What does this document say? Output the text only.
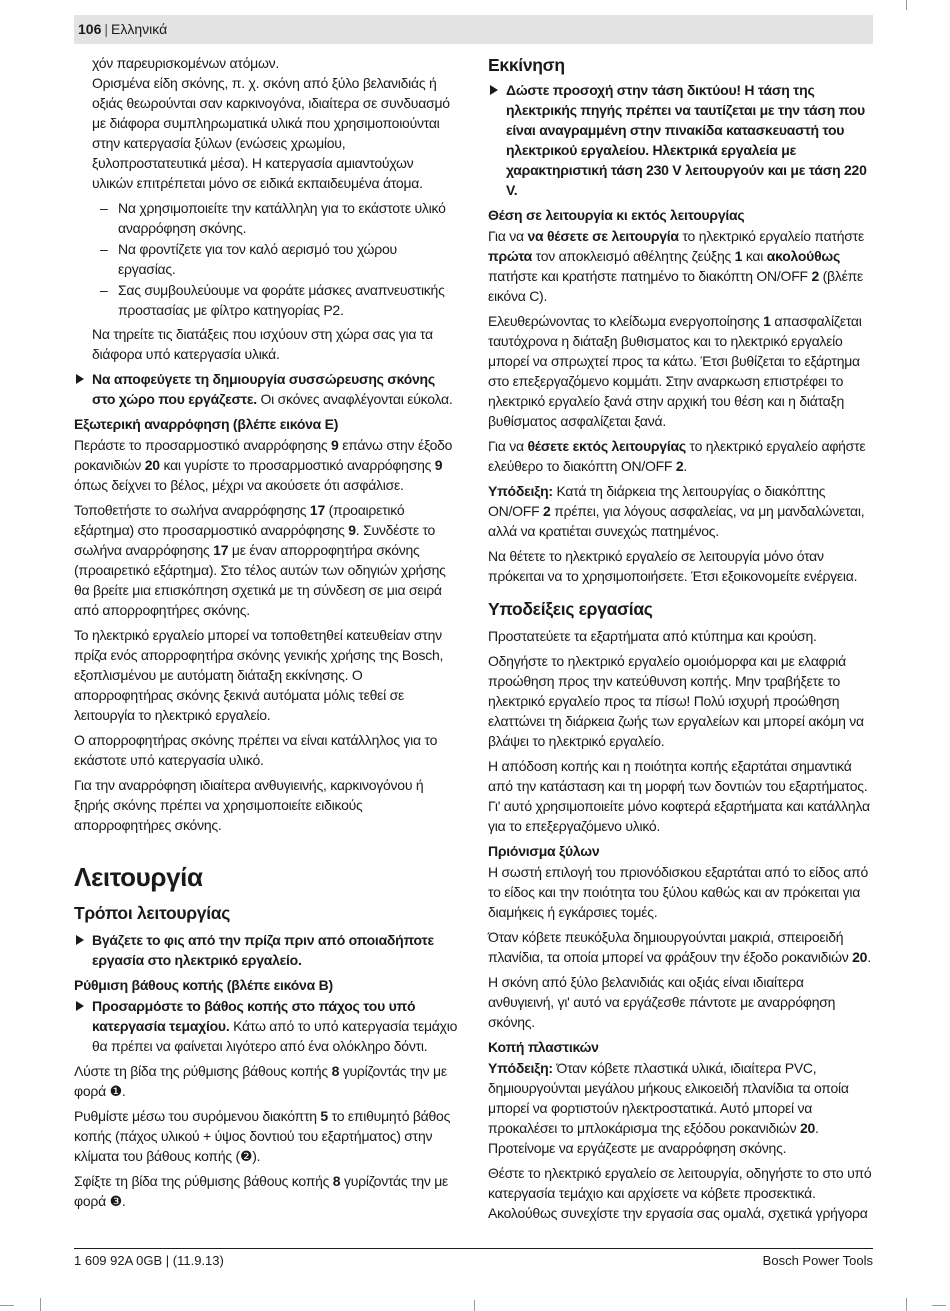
106 | Ελληνικά

χόν παρευρισκομένων ατόμων.

Ορισμένα είδη σκόνης, π. χ. σκόνη από ξύλο βελανιδιάς ή οξιάς θεωρούνται σαν καρκινογόνα, ιδιαίτερα σε συνδυασμό με διάφορα συμπληρωματικά υλικά που χρησιμοποιούνται στην κατεργασία ξύλων (ενώσεις χρωμίου, ξυλοπροστατευτικά μέσα). Η κατεργασία αμιαντούχων υλικών επιτρέπεται μόνο σε ειδικά εκπαιδευμένα άτομα.

– Να χρησιμοποιείτε την κατάλληλη για το εκάστοτε υλικό αναρρόφηση σκόνης.
– Να φροντίζετε για τον καλό αερισμό του χώρου εργασίας.
– Σας συμβουλεύουμε να φοράτε μάσκες αναπνευστικής προστασίας με φίλτρο κατηγορίας P2.

Να τηρείτε τις διατάξεις που ισχύουν στη χώρα σας για τα διάφορα υπό κατεργασία υλικά.

Να αποφεύγετε τη δημιουργία συσσώρευσης σκόνης στο χώρο που εργάζεστε. Οι σκόνες αναφλέγονται εύκολα.
Εξωτερική αναρρόφηση (βλέπε εικόνα E)

Περάστε το προσαρμοστικό αναρρόφησης 9 επάνω στην έξοδο ροκανιδιών 20 και γυρίστε το προσαρμοστικό αναρρόφησης 9 όπως δείχνει το βέλος, μέχρι να ακούσετε ότι ασφάλισε.

Τοποθετήστε το σωλήνα αναρρόφησης 17 (προαιρετικό εξάρτημα) στο προσαρμοστικό αναρρόφησης 9. Συνδέστε το σωλήνα αναρρόφησης 17 με έναν απορροφητήρα σκόνης (προαιρετικό εξάρτημα). Στο τέλος αυτών των οδηγιών χρήσης θα βρείτε μια επισκόπηση σχετικά με τη σύνδεση σε μια σειρά από απορροφητήρες σκόνης.

Το ηλεκτρικό εργαλείο μπορεί να τοποθετηθεί κατευθείαν στην πρίζα ενός απορροφητήρα σκόνης γενικής χρήσης της Bosch, εξοπλισμένου με αυτόματη διάταξη εκκίνησης. Ο απορροφητήρας σκόνης ξεκινά αυτόματα μόλις τεθεί σε λειτουργία το ηλεκτρικό εργαλείο.

Ο απορροφητήρας σκόνης πρέπει να είναι κατάλληλος για το εκάστοτε υπό κατεργασία υλικό.

Για την αναρρόφηση ιδιαίτερα ανθυγιεινής, καρκινογόνου ή ξηρής σκόνης πρέπει να χρησιμοποιείτε ειδικούς απορροφητήρες σκόνης.

Λειτουργία
Τρόποι λειτουργίας
Βγάζετε το φις από την πρίζα πριν από οποιαδήποτε εργασία στο ηλεκτρικό εργαλείο.
Ρύθμιση βάθους κοπής (βλέπε εικόνα B)
Προσαρμόστε το βάθος κοπής στο πάχος του υπό κατεργασία τεμαχίου. Κάτω από το υπό κατεργασία τεμάχιο θα πρέπει να φαίνεται λιγότερο από ένα ολόκληρο δόντι.

Λύστε τη βίδα της ρύθμισης βάθους κοπής 8 γυρίζοντάς την με φορά ❶.

Ρυθμίστε μέσω του συρόμενου διακόπτη 5 το επιθυμητό βάθος κοπής (πάχος υλικού + ύψος δοντιού του εξαρτήματος) στην κλίματα του βάθους κοπής (❷).

Σφίξτε τη βίδα της ρύθμισης βάθους κοπής 8 γυρίζοντάς την με φορά ❸.

Εκκίνηση
Δώστε προσοχή στην τάση δικτύου! Η τάση της ηλεκτρικής πηγής πρέπει να ταυτίζεται με την τάση που είναι αναγραμμένη στην πινακίδα κατασκευαστή του ηλεκτρικού εργαλείου. Ηλεκτρικά εργαλεία με χαρακτηριστική τάση 230 V λειτουργούν και με τάση 220 V.
Θέση σε λειτουργία κι εκτός λειτουργίας

Για να να θέσετε σε λειτουργία το ηλεκτρικό εργαλείο πατήστε πρώτα τον αποκλεισμό αθέλητης ζεύξης 1 και ακολούθως πατήστε και κρατήστε πατημένο το διακόπτη ON/OFF 2 (βλέπε εικόνα C).

Ελευθερώνοντας το κλείδωμα ενεργοποίησης 1 απασφαλίζεται ταυτόχρονα η διάταξη βυθισματος και το ηλεκτρικό εργαλείο μπορεί να σπρωχτεί προς τα κάτω. Έτσι βυθίζεται το εξάρτημα στο επεξεργαζόμενο κομμάτι. Στην αναρκωση επιστρέφει το ηλεκτρικό εργαλείο ξανά στην αρχική του θέση και η διάταξη βυθίσματος ασφαλίζεται ξανά.

Για να θέσετε εκτός λειτουργίας το ηλεκτρικό εργαλείο αφήστε ελεύθερο το διακόπτη ON/OFF 2.

Υπόδειξη: Κατά τη διάρκεια της λειτουργίας ο διακόπτης ON/OFF 2 πρέπει, για λόγους ασφαλείας, να μη μανδαλώνεται, αλλά να κρατιέται συνεχώς πατημένος.

Να θέτετε το ηλεκτρικό εργαλείο σε λειτουργία μόνο όταν πρόκειται να το χρησιμοποιήσετε. Έτσι εξοικονομείτε ενέργεια.

Υποδείξεις εργασίας

Προστατεύετε τα εξαρτήματα από κτύπημα και κρούση.

Οδηγήστε το ηλεκτρικό εργαλείο ομοιόμορφα και με ελαφριά προώθηση προς την κατεύθυνση κοπής. Μην τραβήξετε το ηλεκτρικό εργαλείο προς τα πίσω! Πολύ ισχυρή προώθηση ελαττώνει τη διάρκεια ζωής των εργαλείων και μπορεί ακόμη να βλάψει το ηλεκτρικό εργαλείο.

Η απόδοση κοπής και η ποιότητα κοπής εξαρτάται σημαντικά από την κατάσταση και τη μορφή των δοντιών του εξαρτήματος. Γι' αυτό χρησιμοποιείτε μόνο κοφτερά εξαρτήματα και κατάλληλα για το επεξεργαζόμενο υλικό.

Πριόνισμα ξύλων

Η σωστή επιλογή του πριονόδισκου εξαρτάται από το είδος από το είδος και την ποιότητα του ξύλου καθώς και αν πρόκειται για διαμήκεις ή εγκάρσιες τομές.

Όταν κόβετε πευκόξυλα δημιουργούνται μακριά, σπειροειδή πλανίδια, τα οποία μπορεί να φράξουν την έξοδο ροκανιδιών 20.

Η σκόνη από ξύλο βελανιδιάς και οξιάς είναι ιδιαίτερα ανθυγιεινή, γι' αυτό να εργάζεσθε πάντοτε με αναρρόφηση σκόνης.

Κοπή πλαστικών

Υπόδειξη: Όταν κόβετε πλαστικά υλικά, ιδιαίτερα PVC, δημιουργούνται μεγάλου μήκους ελικοειδή πλανίδια τα οποία μπορεί να φορτιστούν ηλεκτροστατικά. Αυτό μπορεί να προκαλέσει το μπλοκάρισμα της εξόδου ροκανιδιών 20. Προτείνομε να εργάζεστε με αναρρόφηση σκόνης.

Θέστε το ηλεκτρικό εργαλείο σε λειτουργία, οδηγήστε το στο υπό κατεργασία τεμάχιο και αρχίσετε να κόβετε προσεκτικά. Ακολούθως συνεχίστε την εργασία σας ομαλά, σχετικά γρήγορα

1 609 92A 0GB | (11.9.13)	Bosch Power Tools
